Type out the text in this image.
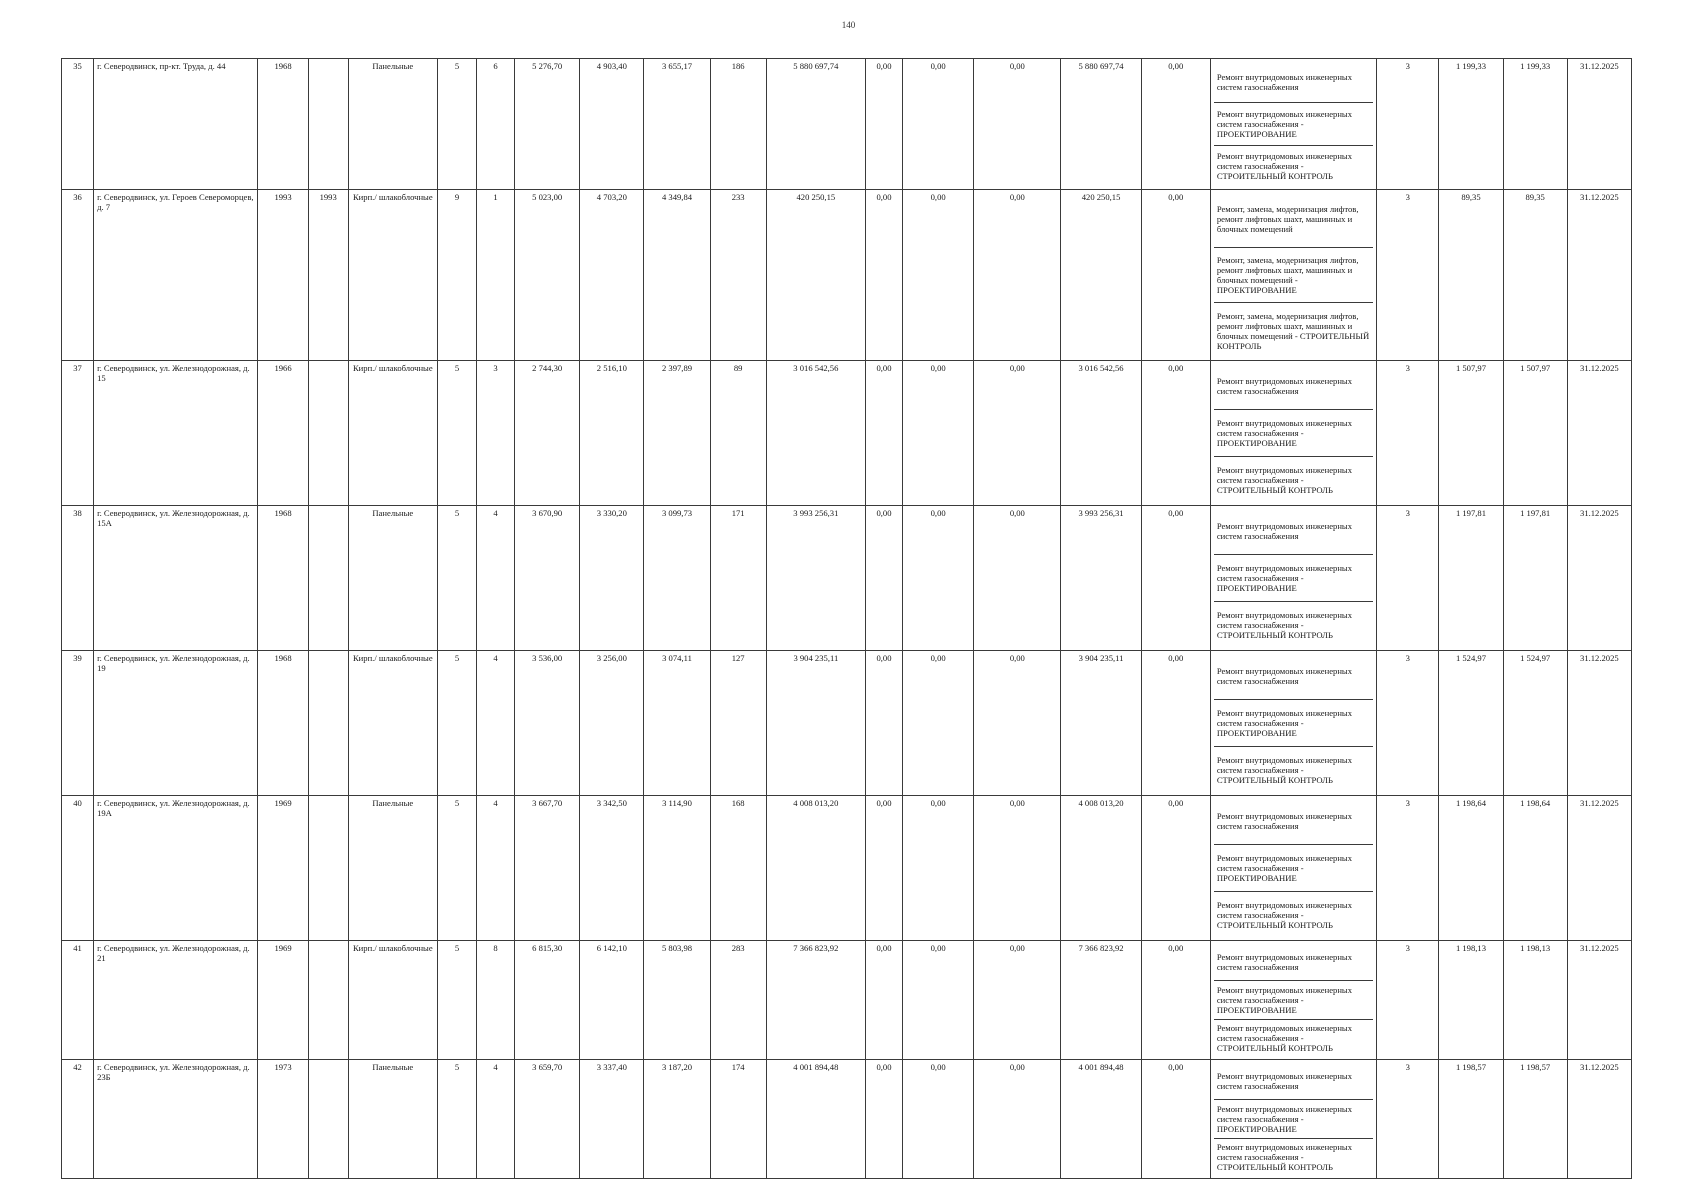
140
35	г. Северодвинск, пр-кт. Труда, д. 44	1968		Панельные	5	6	5 276,70	4 903,40	3 655,17	186	5 880 697,74	0,00	0,00	0,00	5 880 697,74	0,00	Ремонт внутридомовых инженерных систем газоснабжения
Ремонт внутридомовых инженерных систем газоснабжения - ПРОЕКТИРОВАНИЕ
Ремонт внутридомовых инженерных систем газоснабжения - СТРОИТЕЛЬНЫЙ КОНТРОЛЬ	3	1 199,33	1 199,33	31.12.2025
36	г. Северодвинск, ул. Героев Североморцев, д. 7	1993	1993	Кирп./ шлакоблочные	9	1	5 023,00	4 703,20	4 349,84	233	420 250,15	0,00	0,00	0,00	420 250,15	0,00	Ремонт, замена, модернизация лифтов, ремонт лифтовых шахт, машинных и блочных помещений
Ремонт, замена, модернизация лифтов, ремонт лифтовых шахт, машинных и блочных помещений - ПРОЕКТИРОВАНИЕ
Ремонт, замена, модернизация лифтов, ремонт лифтовых шахт, машинных и блочных помещений - СТРОИТЕЛЬНЫЙ КОНТРОЛЬ	3	89,35	89,35	31.12.2025
37	г. Северодвинск, ул. Железнодорожная, д. 15	1966		Кирп./ шлакоблочные	5	3	2 744,30	2 516,10	2 397,89	89	3 016 542,56	0,00	0,00	0,00	3 016 542,56	0,00	Ремонт внутридомовых инженерных систем газоснабжения
Ремонт внутридомовых инженерных систем газоснабжения - ПРОЕКТИРОВАНИЕ
Ремонт внутридомовых инженерных систем газоснабжения - СТРОИТЕЛЬНЫЙ КОНТРОЛЬ	3	1 507,97	1 507,97	31.12.2025
38	г. Северодвинск, ул. Железнодорожная, д. 15А	1968		Панельные	5	4	3 670,90	3 330,20	3 099,73	171	3 993 256,31	0,00	0,00	0,00	3 993 256,31	0,00	Ремонт внутридомовых инженерных систем газоснабжения
Ремонт внутридомовых инженерных систем газоснабжения - ПРОЕКТИРОВАНИЕ
Ремонт внутридомовых инженерных систем газоснабжения - СТРОИТЕЛЬНЫЙ КОНТРОЛЬ	3	1 197,81	1 197,81	31.12.2025
39	г. Северодвинск, ул. Железнодорожная, д. 19	1968		Кирп./ шлакоблочные	5	4	3 536,00	3 256,00	3 074,11	127	3 904 235,11	0,00	0,00	0,00	3 904 235,11	0,00	Ремонт внутридомовых инженерных систем газоснабжения
Ремонт внутридомовых инженерных систем газоснабжения - ПРОЕКТИРОВАНИЕ
Ремонт внутридомовых инженерных систем газоснабжения - СТРОИТЕЛЬНЫЙ КОНТРОЛЬ	3	1 524,97	1 524,97	31.12.2025
40	г. Северодвинск, ул. Железнодорожная, д. 19А	1969		Панельные	5	4	3 667,70	3 342,50	3 114,90	168	4 008 013,20	0,00	0,00	0,00	4 008 013,20	0,00	Ремонт внутридомовых инженерных систем газоснабжения
Ремонт внутридомовых инженерных систем газоснабжения - ПРОЕКТИРОВАНИЕ
Ремонт внутридомовых инженерных систем газоснабжения - СТРОИТЕЛЬНЫЙ КОНТРОЛЬ	3	1 198,64	1 198,64	31.12.2025
41	г. Северодвинск, ул. Железнодорожная, д. 21	1969		Кирп./ шлакоблочные	5	8	6 815,30	6 142,10	5 803,98	283	7 366 823,92	0,00	0,00	0,00	7 366 823,92	0,00	Ремонт внутридомовых инженерных систем газоснабжения
Ремонт внутридомовых инженерных систем газоснабжения - ПРОЕКТИРОВАНИЕ
Ремонт внутридомовых инженерных систем газоснабжения - СТРОИТЕЛЬНЫЙ КОНТРОЛЬ	3	1 198,13	1 198,13	31.12.2025
42	г. Северодвинск, ул. Железнодорожная, д. 23Б	1973		Панельные	5	4	3 659,70	3 337,40	3 187,20	174	4 001 894,48	0,00	0,00	0,00	4 001 894,48	0,00	Ремонт внутридомовых инженерных систем газоснабжения
Ремонт внутридомовых инженерных систем газоснабжения - ПРОЕКТИРОВАНИЕ
Ремонт внутридомовых инженерных систем газоснабжения - СТРОИТЕЛЬНЫЙ КОНТРОЛЬ	3	1 198,57	1 198,57	31.12.2025
